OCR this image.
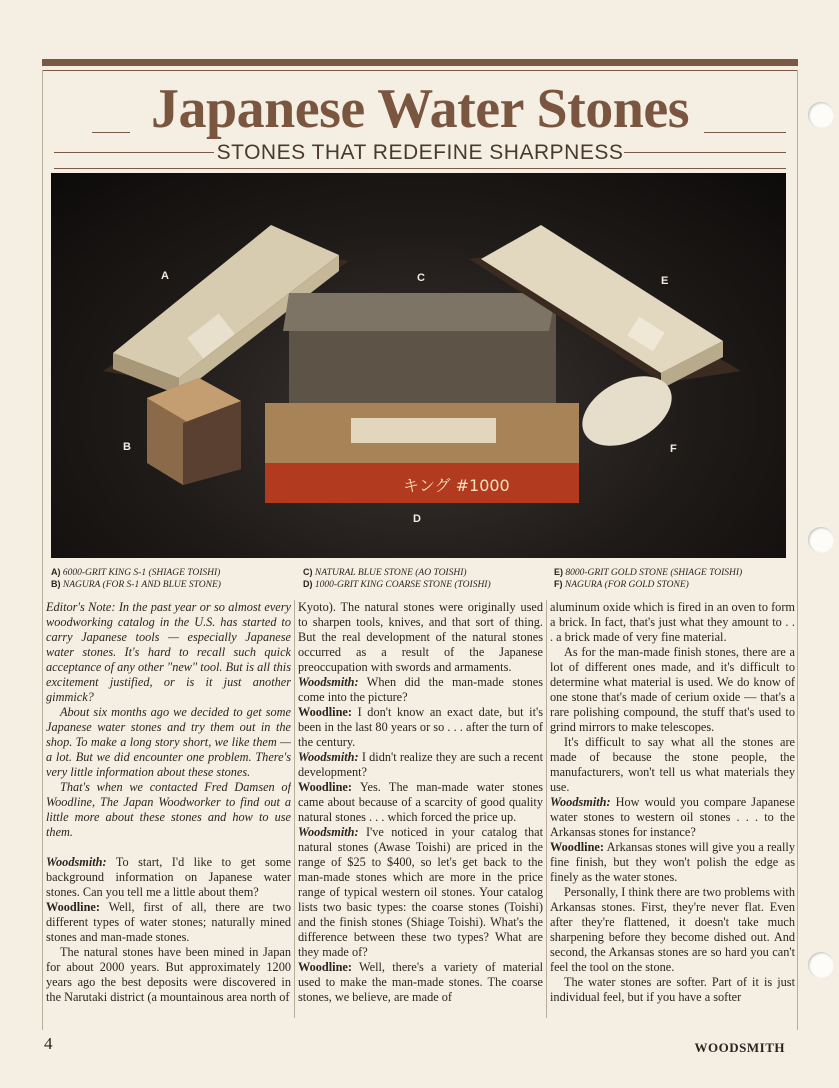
Japanese Water Stones
STONES THAT REDEFINE SHARPNESS
キング #1000
A
B
C
D
E
F
A) 6000-GRIT KING S-1 (SHIAGE TOISHI)
B) NAGURA (FOR S-1 AND BLUE STONE)
C) NATURAL BLUE STONE (AO TOISHI)
D) 1000-GRIT KING COARSE STONE (TOISHI)
E) 8000-GRIT GOLD STONE (SHIAGE TOISHI)
F) NAGURA (FOR GOLD STONE)

Editor's Note: In the past year or so almost every woodworking catalog in the U.S. has started to carry Japanese tools — especially Japanese water stones. It's hard to recall such quick acceptance of any other "new" tool. But is all this excitement justified, or is it just another gimmick?

About six months ago we decided to get some Japanese water stones and try them out in the shop. To make a long story short, we like them — a lot. But we did encounter one problem. There's very little information about these stones.

That's when we contacted Fred Damsen of Woodline, The Japan Woodworker to find out a little more about these stones and how to use them.

Woodsmith: To start, I'd like to get some background information on Japanese water stones. Can you tell me a little about them?

Woodline: Well, first of all, there are two different types of water stones; naturally mined stones and man-made stones.

The natural stones have been mined in Japan for about 2000 years. But approximately 1200 years ago the best deposits were discovered in the Narutaki district (a mountainous area north of

Kyoto). The natural stones were originally used to sharpen tools, knives, and that sort of thing. But the real development of the natural stones occurred as a result of the Japanese preoccupation with swords and armaments.

Woodsmith: When did the man-made stones come into the picture?

Woodline: I don't know an exact date, but it's been in the last 80 years or so . . . after the turn of the century.

Woodsmith: I didn't realize they are such a recent development?

Woodline: Yes. The man-made water stones came about because of a scarcity of good quality natural stones . . . which forced the price up.

Woodsmith: I've noticed in your catalog that natural stones (Awase Toishi) are priced in the range of $25 to $400, so let's get back to the man-made stones which are more in the price range of typical western oil stones. Your catalog lists two basic types: the coarse stones (Toishi) and the finish stones (Shiage Toishi). What's the difference between these two types? What are they made of?

Woodline: Well, there's a variety of material used to make the man-made stones. The coarse stones, we believe, are made of

aluminum oxide which is fired in an oven to form a brick. In fact, that's just what they amount to . . . a brick made of very fine material.

As for the man-made finish stones, there are a lot of different ones made, and it's difficult to determine what material is used. We do know of one stone that's made of cerium oxide — that's a rare polishing compound, the stuff that's used to grind mirrors to make telescopes.

It's difficult to say what all the stones are made of because the stone people, the manufacturers, won't tell us what materials they use.

Woodsmith: How would you compare Japanese water stones to western oil stones . . . to the Arkansas stones for instance?

Woodline: Arkansas stones will give you a really fine finish, but they won't polish the edge as finely as the water stones.

Personally, I think there are two problems with Arkansas stones. First, they're never flat. Even after they're flattened, it doesn't take much sharpening before they become dished out. And second, the Arkansas stones are so hard you can't feel the tool on the stone.

The water stones are softer. Part of it is just individual feel, but if you have a softer

4	WOODSMITH
